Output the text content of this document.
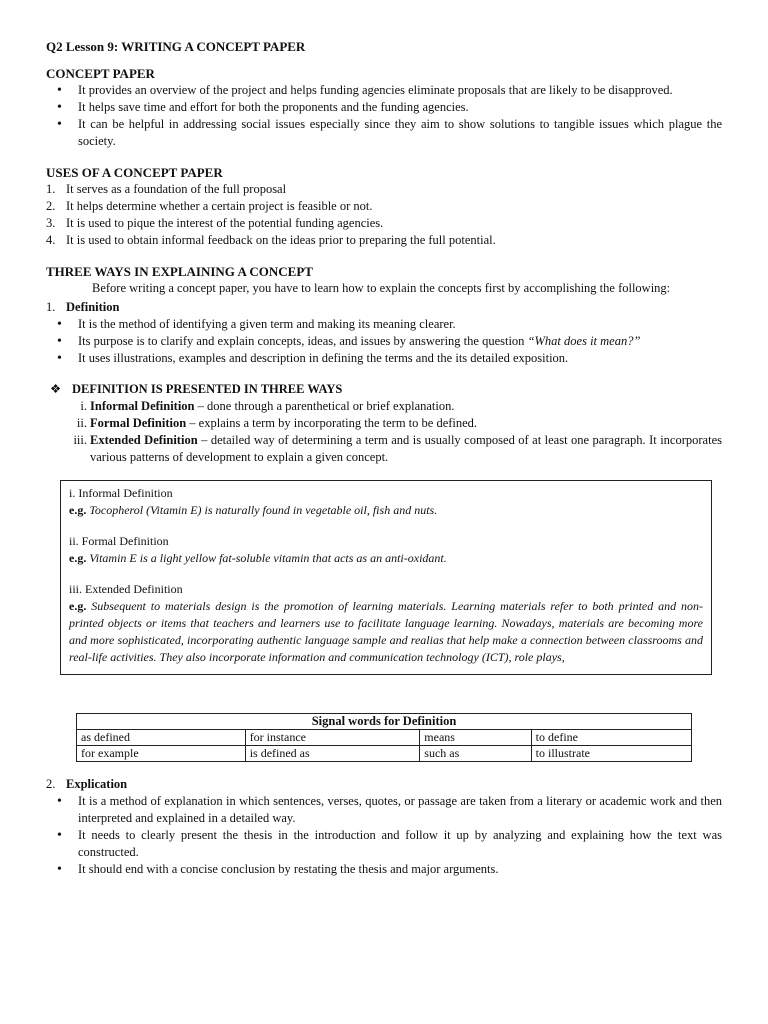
Q2 Lesson 9: WRITING A CONCEPT PAPER
CONCEPT PAPER
• It provides an overview of the project and helps funding agencies eliminate proposals that are likely to be disapproved.
• It helps save time and effort for both the proponents and the funding agencies.
• It can be helpful in addressing social issues especially since they aim to show solutions to tangible issues which plague the society.
USES OF A CONCEPT PAPER
1. It serves as a foundation of the full proposal
2. It helps determine whether a certain project is feasible or not.
3. It is used to pique the interest of the potential funding agencies.
4. It is used to obtain informal feedback on the ideas prior to preparing the full potential.
THREE WAYS IN EXPLAINING A CONCEPT

Before writing a concept paper, you have to learn how to explain the concepts first by accomplishing the following:

1. Definition
• It is the method of identifying a given term and making its meaning clearer.
• Its purpose is to clarify and explain concepts, ideas, and issues by answering the question “What does it mean?”
• It uses illustrations, examples and description in defining the terms and the its detailed exposition.
❖ DEFINITION IS PRESENTED IN THREE WAYS
i. Informal Definition – done through a parenthetical or brief explanation.
ii. Formal Definition – explains a term by incorporating the term to be defined.
iii. Extended Definition – detailed way of determining a term and is usually composed of at least one paragraph. It incorporates various patterns of development to explain a given concept.
i. Informal Definition
e.g. Tocopherol (Vitamin E) is naturally found in vegetable oil, fish and nuts.
ii. Formal Definition
e.g. Vitamin E is a light yellow fat-soluble vitamin that acts as an anti-oxidant.
iii. Extended Definition
e.g. Subsequent to materials design is the promotion of learning materials. Learning materials refer to both printed and non-printed objects or items that teachers and learners use to facilitate language learning. Nowadays, materials are becoming more and more sophisticated, incorporating authentic language sample and realias that help make a connection between classrooms and real-life activities. They also incorporate information and communication technology (ICT), role plays,
Signal words for Definition			
as defined	for instance	means	to define
for example	is defined as	such as	to illustrate
2. Explication
• It is a method of explanation in which sentences, verses, quotes, or passage are taken from a literary or academic work and then interpreted and explained in a detailed way.
• It needs to clearly present the thesis in the introduction and follow it up by analyzing and explaining how the text was constructed.
• It should end with a concise conclusion by restating the thesis and major arguments.
